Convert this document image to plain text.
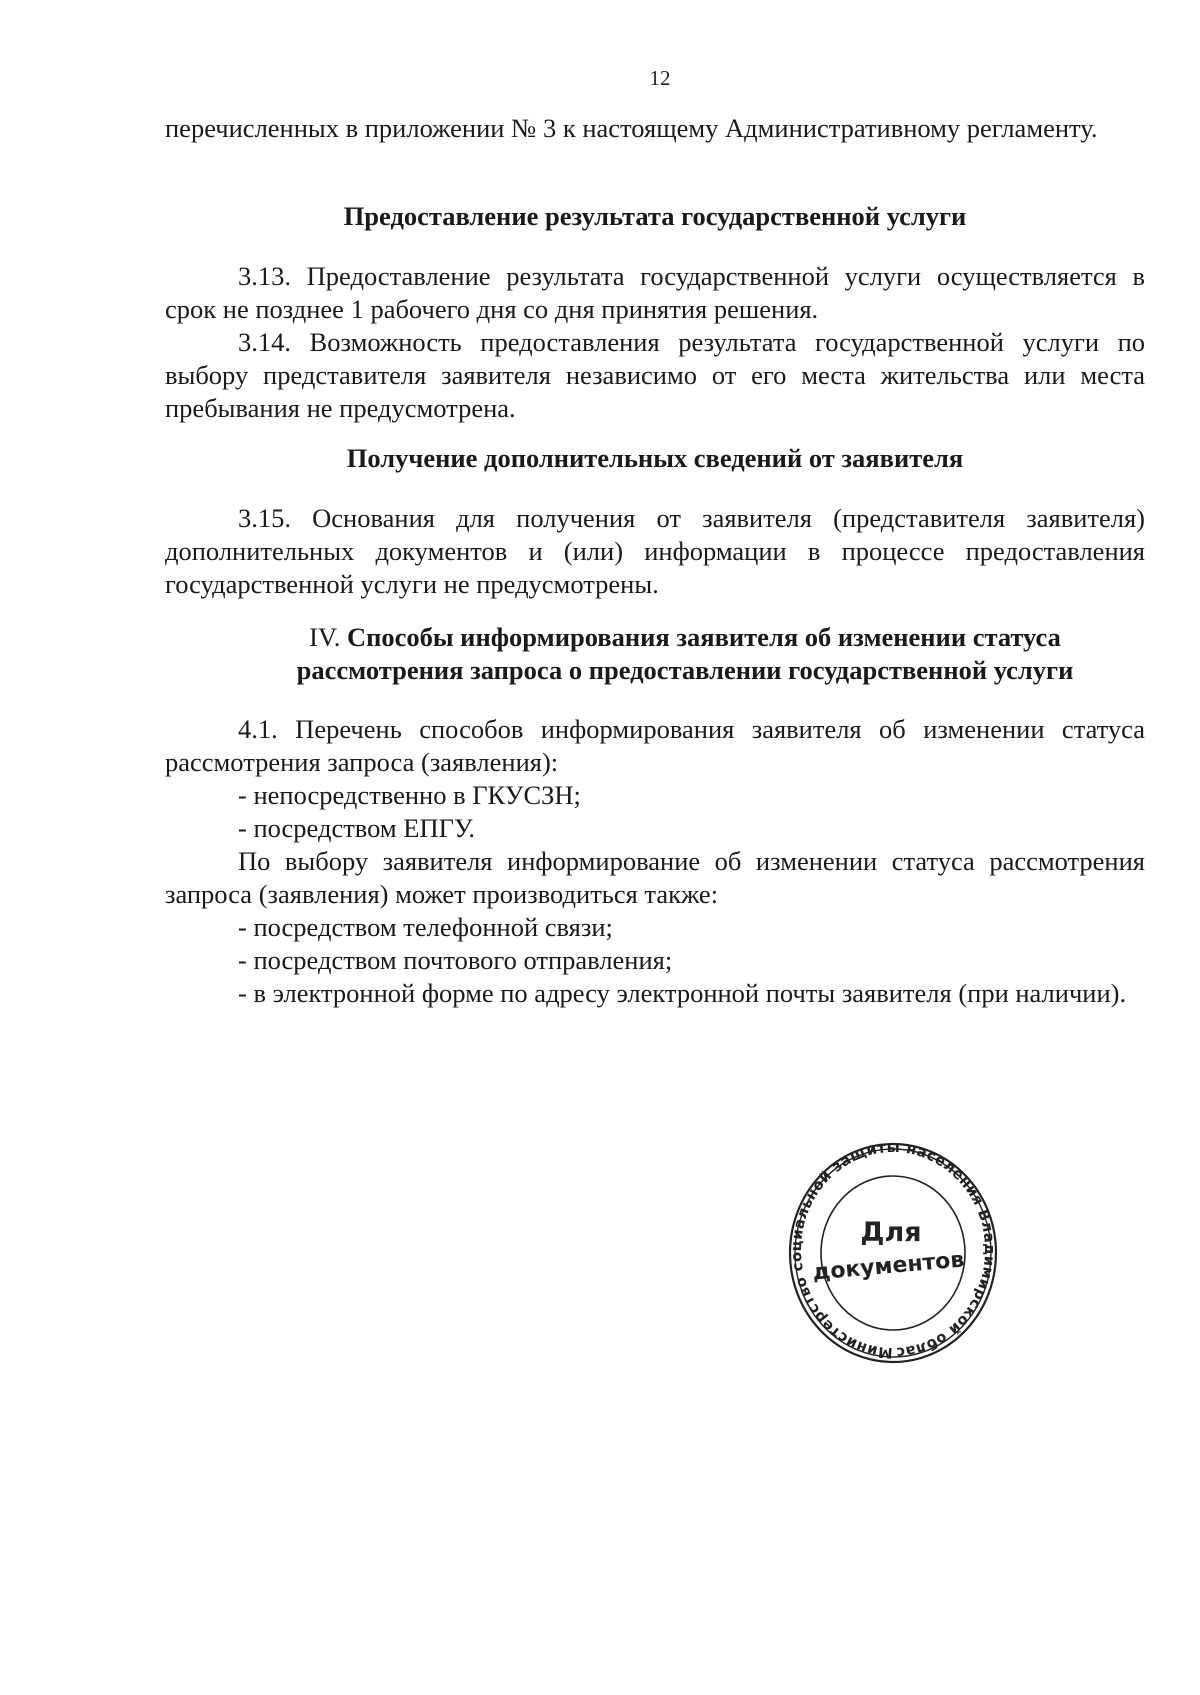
12

перечисленных в приложении № 3 к настоящему Административному регламенту.

Предоставление результата государственной услуги

3.13. Предоставление результата государственной услуги осуществляется в срок не позднее 1 рабочего дня со дня принятия решения.

3.14. Возможность предоставления результата государственной услуги по выбору представителя заявителя независимо от его места жительства или места пребывания не предусмотрена.

Получение дополнительных сведений от заявителя

3.15. Основания для получения от заявителя (представителя заявителя) дополнительных документов и (или) информации в процессе предоставления государственной услуги не предусмотрены.

IV. Способы информирования заявителя об изменении статуса

рассмотрения запроса о предоставлении государственной услуги

4.1. Перечень способов информирования заявителя об изменении статуса рассмотрения запроса (заявления):

- непосредственно в ГКУСЗН;

- посредством ЕПГУ.

По выбору заявителя информирование об изменении статуса рассмотрения запроса (заявления) может производиться также:

- посредством телефонной связи;

- посредством почтового отправления;

- в электронной форме по адресу электронной почты заявителя (при наличии).

Министерство социальной защиты населения Владимирской облас
Для
документов
